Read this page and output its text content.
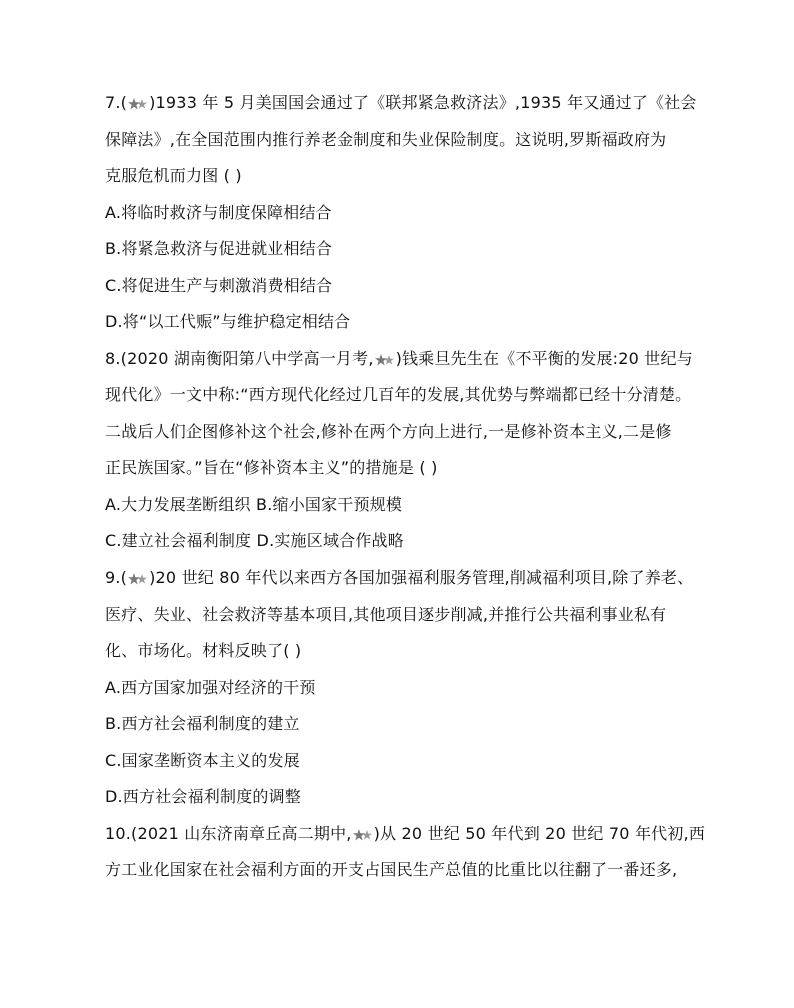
7.( )1933 年 5 月美国国会通过了《联邦紧急救济法》,1935 年又通过了《社会
保障法》,在全国范围内推行养老金制度和失业保险制度。这说明,罗斯福政府为
克服危机而力图 ( )
A.将临时救济与制度保障相结合
B.将紧急救济与促进就业相结合
C.将促进生产与刺激消费相结合
D.将“以工代赈”与维护稳定相结合
8.(2020 湖南衡阳第八中学高一月考, )钱乘旦先生在《不平衡的发展:20 世纪与
现代化》一文中称:“西方现代化经过几百年的发展,其优势与弊端都已经十分清楚。
二战后人们企图修补这个社会,修补在两个方向上进行,一是修补资本主义,二是修
正民族国家。”旨在“修补资本主义”的措施是 ( )
A.大力发展垄断组织 B.缩小国家干预规模
C.建立社会福利制度 D.实施区域合作战略
9.( )20 世纪 80 年代以来西方各国加强福利服务管理,削减福利项目,除了养老、
医疗、失业、社会救济等基本项目,其他项目逐步削减,并推行公共福利事业私有
化、市场化。材料反映了( )
A.西方国家加强对经济的干预
B.西方社会福利制度的建立
C.国家垄断资本主义的发展
D.西方社会福利制度的调整
10.(2021 山东济南章丘高二期中, )从 20 世纪 50 年代到 20 世纪 70 年代初,西
方工业化国家在社会福利方面的开支占国民生产总值的比重比以往翻了一番还多,
